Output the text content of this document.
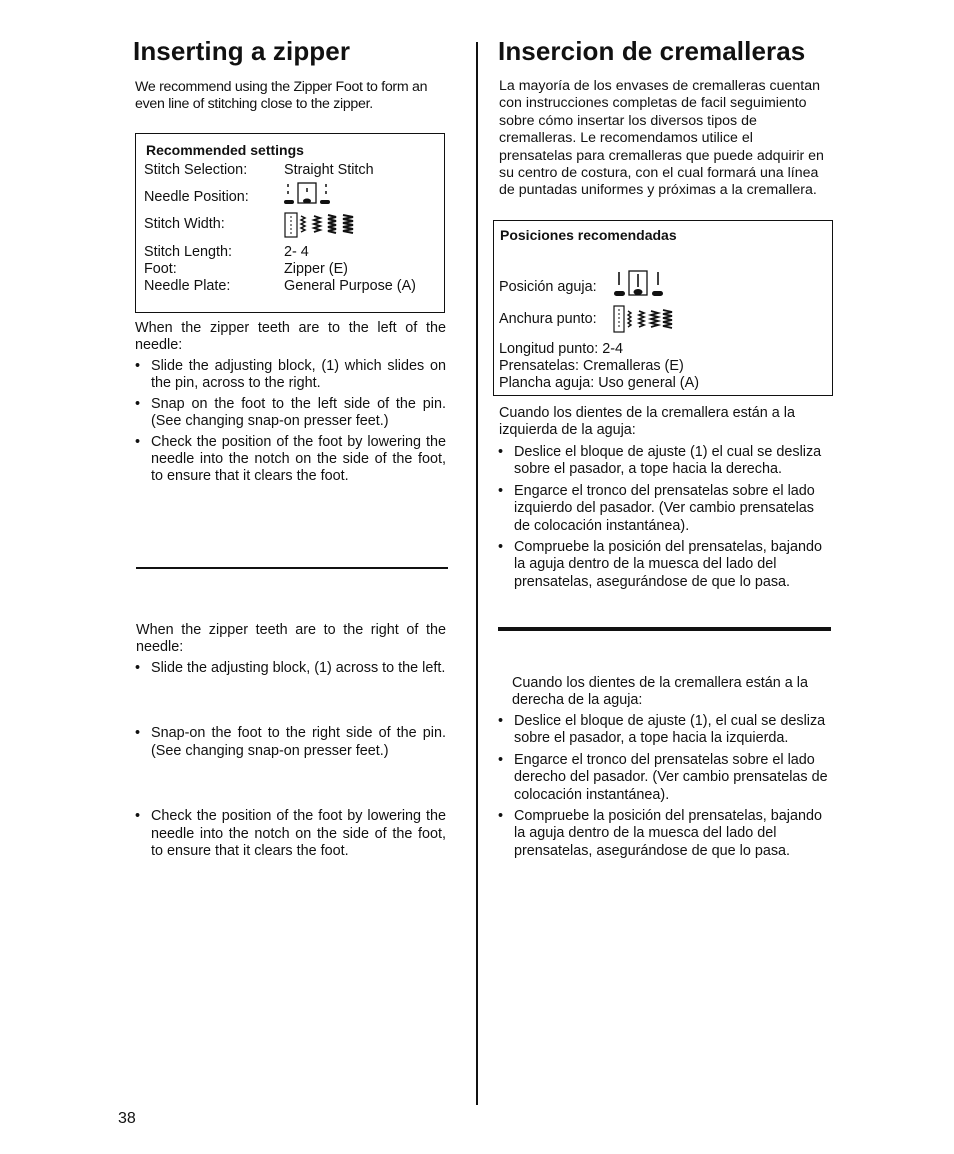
Inserting a zipper

We recommend using the Zipper Foot to form an even line of stitching close to the zipper.

Recommended settings
Stitch Selection:	Straight Stitch
Needle Position:
Stitch Width:
Stitch Length:	2- 4
Foot:	Zipper (E)
Needle Plate:	General Purpose (A)

When the zipper teeth are to the left of the needle:

• Slide the adjusting block, (1) which slides on the pin, across to the right.
• Snap on the foot to the left side of the pin. (See changing snap-on presser feet.)
• Check the position of the foot by lowering the needle into the notch on the side of the foot, to ensure that it clears the foot.

When the zipper teeth are to the right of the needle:

• Slide the adjusting block, (1) across to the left.
• Snap-on the foot to the right side of the pin. (See changing snap-on presser feet.)
• Check the position of the foot by lowering the needle into the notch on the side of the foot, to ensure that it clears the foot.
Insercion de cremalleras

La mayoría de los envases de cremalleras cuentan con instrucciones completas de facil seguimiento sobre cómo insertar los diversos tipos de cremalleras. Le recomendamos utilice el prensatelas para cremalleras que puede adquirir en su centro de costura, con el cual formará una línea de puntadas uniformes y próximas a la cremallera.

Posiciones recomendadas
Posición aguja:
Anchura punto:
Longitud punto: 2-4
Prensatelas: Cremalleras (E)
Plancha aguja: Uso general (A)

Cuando los dientes de la cremallera están a la izquierda de la aguja:

• Deslice el bloque de ajuste (1) el cual se desliza sobre el pasador, a tope hacia la derecha.
• Engarce el tronco del prensatelas sobre el lado izquierdo del pasador. (Ver cambio prensatelas de colocación instantánea).
• Compruebe la posición del prensatelas, bajando la aguja dentro de la muesca del lado del prensatelas, asegurándose de que lo pasa.

Cuando los dientes de la cremallera están a la derecha de la aguja:

• Deslice el bloque de ajuste (1), el cual se desliza sobre el pasador, a tope hacia la izquierda.
• Engarce el tronco del prensatelas sobre el lado derecho del pasador. (Ver cambio prensatelas de colocación instantánea).
• Compruebe la posición del prensatelas, bajando la aguja dentro de la muesca del lado del prensatelas, asegurándose de que lo pasa.
38
